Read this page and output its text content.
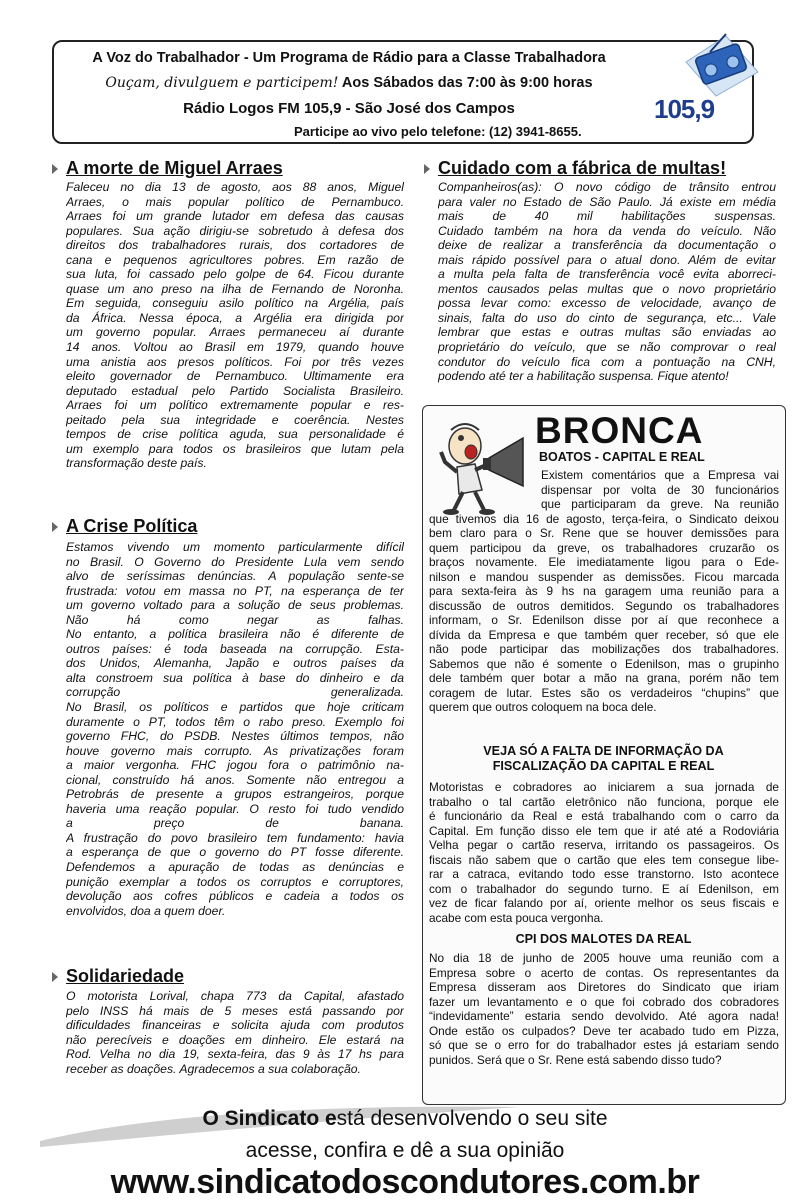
A Voz do Trabalhador - Um Programa de Rádio para a Classe Trabalhadora
Ouçam, divulguem e participem! Aos Sábados das 7:00 às 9:00 horas
Rádio Logos FM 105,9 - São José dos Campos
Participe ao vivo pelo telefone: (12) 3941-8655.
105,9
A morte de Miguel Arraes
Faleceu no dia 13 de agosto, aos 88 anos, Miguel
Arraes, o mais popular político de Pernambuco.
Arraes foi um grande lutador em defesa das causas
populares. Sua ação dirigiu-se sobretudo à defesa dos
direitos dos trabalhadores rurais, dos cortadores de
cana e pequenos agricultores pobres. Em razão de
sua luta, foi cassado pelo golpe de 64. Ficou durante
quase um ano preso na ilha de Fernando de Noronha.
Em seguida, conseguiu asilo político na Argélia, país
da África. Nessa época, a Argélia era dirigida por
um governo popular. Arraes permaneceu aí durante
14 anos. Voltou ao Brasil em 1979, quando houve
uma anistia aos presos políticos. Foi por três vezes
eleito governador de Pernambuco. Ultimamente era
deputado estadual pelo Partido Socialista Brasileiro.
Arraes foi um político extremamente popular e res-
peitado pela sua integridade e coerência. Nestes
tempos de crise política aguda, sua personalidade é
um exemplo para todos os brasileiros que lutam pela
transformação deste país.
A Crise Política
Estamos vivendo um momento particularmente difícil
no Brasil. O Governo do Presidente Lula vem sendo
alvo de seríssimas denúncias. A população sente-se
frustrada: votou em massa no PT, na esperança de ter
um governo voltado para a solução de seus problemas.
Não há como negar as falhas.
No entanto, a política brasileira não é diferente de
outros países: é toda baseada na corrupção. Esta-
dos Unidos, Alemanha, Japão e outros países da
alta constroem sua política à base do dinheiro e da
corrupção generalizada.
No Brasil, os políticos e partidos que hoje criticam
duramente o PT, todos têm o rabo preso. Exemplo foi
governo FHC, do PSDB. Nestes últimos tempos, não
houve governo mais corrupto. As privatizações foram
a maior vergonha. FHC jogou fora o patrimônio na-
cional, construído há anos. Somente não entregou a
Petrobrás de presente a grupos estrangeiros, porque
haveria uma reação popular. O resto foi tudo vendido
a preço de banana.
A frustração do povo brasileiro tem fundamento: havia
a esperança de que o governo do PT fosse diferente.
Defendemos a apuração de todas as denúncias e
punição exemplar a todos os corruptos e corruptores,
devolução aos cofres públicos e cadeia a todos os
envolvidos, doa a quem doer.
Solidariedade
O motorista Lorival, chapa 773 da Capital, afastado
pelo INSS há mais de 5 meses está passando por
dificuldades financeiras e solicita ajuda com produtos
não perecíveis e doações em dinheiro. Ele estará na
Rod. Velha no dia 19, sexta-feira, das 9 às 17 hs para
receber as doações. Agradecemos a sua colaboração.
Cuidado com a fábrica de multas!
Companheiros(as): O novo código de trânsito entrou
para valer no Estado de São Paulo. Já existe em média
mais de 40 mil habilitações suspensas.
Cuidado também na hora da venda do veículo. Não
deixe de realizar a transferência da documentação o
mais rápido possível para o atual dono. Além de evitar
a multa pela falta de transferência você evita aborreci-
mentos causados pelas multas que o novo proprietário
possa levar como: excesso de velocidade, avanço de
sinais, falta do uso do cinto de segurança, etc... Vale
lembrar que estas e outras multas são enviadas ao
proprietário do veículo, que se não comprovar o real
condutor do veículo fica com a pontuação na CNH,
podendo até ter a habilitação suspensa. Fique atento!
BRONCA
BOATOS - CAPITAL E REAL
Existem comentários que a Empresa vai
dispensar por volta de 30 funcionários
que participaram da greve. Na reunião
que tivemos dia 16 de agosto, terça-feira, o Sindicato deixou
bem claro para o Sr. Rene que se houver demissões para
quem participou da greve, os trabalhadores cruzarão os
braços novamente. Ele imediatamente ligou para o Ede-
nilson e mandou suspender as demissões. Ficou marcada
para sexta-feira às 9 hs na garagem uma reunião para a
discussão de outros demitidos. Segundo os trabalhadores
informam, o Sr. Edenilson disse por aí que reconhece a
dívida da Empresa e que também quer receber, só que ele
não pode participar das mobilizações dos trabalhadores.
Sabemos que não é somente o Edenilson, mas o grupinho
dele também quer botar a mão na grana, porém não tem
coragem de lutar. Estes são os verdadeiros “chupins” que
querem que outros coloquem na boca dele.
VEJA SÓ A FALTA DE INFORMAÇÃO DA
FISCALIZAÇÃO DA CAPITAL E REAL
Motoristas e cobradores ao iniciarem a sua jornada de
trabalho o tal cartão eletrônico não funciona, porque ele
é funcionário da Real e está trabalhando com o carro da
Capital. Em função disso ele tem que ir até até a Rodoviária
Velha pegar o cartão reserva, irritando os passageiros. Os
fiscais não sabem que o cartão que eles tem consegue libe-
rar a catraca, evitando todo esse transtorno. Isto acontece
com o trabalhador do segundo turno. E aí Edenilson, em
vez de ficar falando por aí, oriente melhor os seus fiscais e
acabe com esta pouca vergonha.
CPI DOS MALOTES DA REAL
No dia 18 de junho de 2005 houve uma reunião com a
Empresa sobre o acerto de contas. Os representantes da
Empresa disseram aos Diretores do Sindicato que iriam
fazer um levantamento e o que foi cobrado dos cobradores
“indevidamente” estaria sendo devolvido. Até agora nada!
Onde estão os culpados? Deve ter acabado tudo em Pizza,
só que se o erro for do trabalhador estes já estariam sendo
punidos. Será que o Sr. Rene está sabendo disso tudo?
O Sindicato está desenvolvendo o seu site
acesse, confira e dê a sua opinião
www.sindicatodoscondutores.com.br
